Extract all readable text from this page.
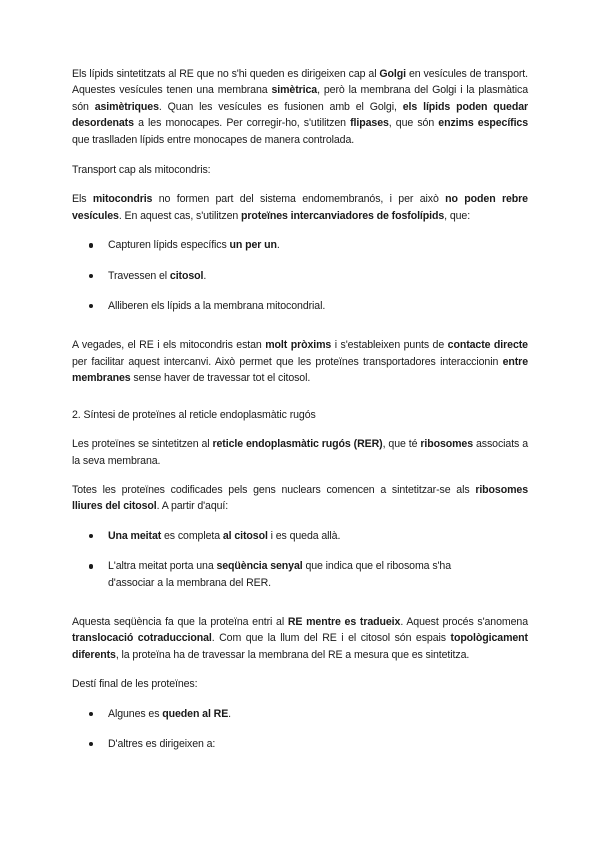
Els lípids sintetitzats al RE que no s'hi queden es dirigeixen cap al Golgi en vesícules de transport. Aquestes vesícules tenen una membrana simètrica, però la membrana del Golgi i la plasmàtica són asimètriques. Quan les vesícules es fusionen amb el Golgi, els lípids poden quedar desordenats a les monocapes. Per corregir-ho, s'utilitzen flipases, que són enzims específics que traslladen lípids entre monocapes de manera controlada.

Transport cap als mitocondris:

Els mitocondris no formen part del sistema endomembranós, i per això no poden rebre vesícules. En aquest cas, s'utilitzen proteïnes intercanviadores de fosfolípids, que:

Capturen lípids específics un per un.
Travessen el citosol.
Alliberen els lípids a la membrana mitocondrial.

A vegades, el RE i els mitocondris estan molt pròxims i s'estableixen punts de contacte directe per facilitar aquest intercanvi. Això permet que les proteïnes transportadores interaccionin entre membranes sense haver de travessar tot el citosol.

2. Síntesi de proteïnes al reticle endoplasmàtic rugós

Les proteïnes se sintetitzen al reticle endoplasmàtic rugós (RER), que té ribosomes associats a la seva membrana.

Totes les proteïnes codificades pels gens nuclears comencen a sintetitzar-se als ribosomes lliures del citosol. A partir d'aquí:

Una meitat es completa al citosol i es queda allà.
L'altra meitat porta una seqüència senyal que indica que el ribosoma s'ha d'associar a la membrana del RER.

Aquesta seqüència fa que la proteïna entri al RE mentre es tradueix. Aquest procés s'anomena translocació cotraduccional. Com que la llum del RE i el citosol són espais topològicament diferents, la proteïna ha de travessar la membrana del RE a mesura que es sintetitza.

Destí final de les proteïnes:

Algunes es queden al RE.
D'altres es dirigeixen a:
